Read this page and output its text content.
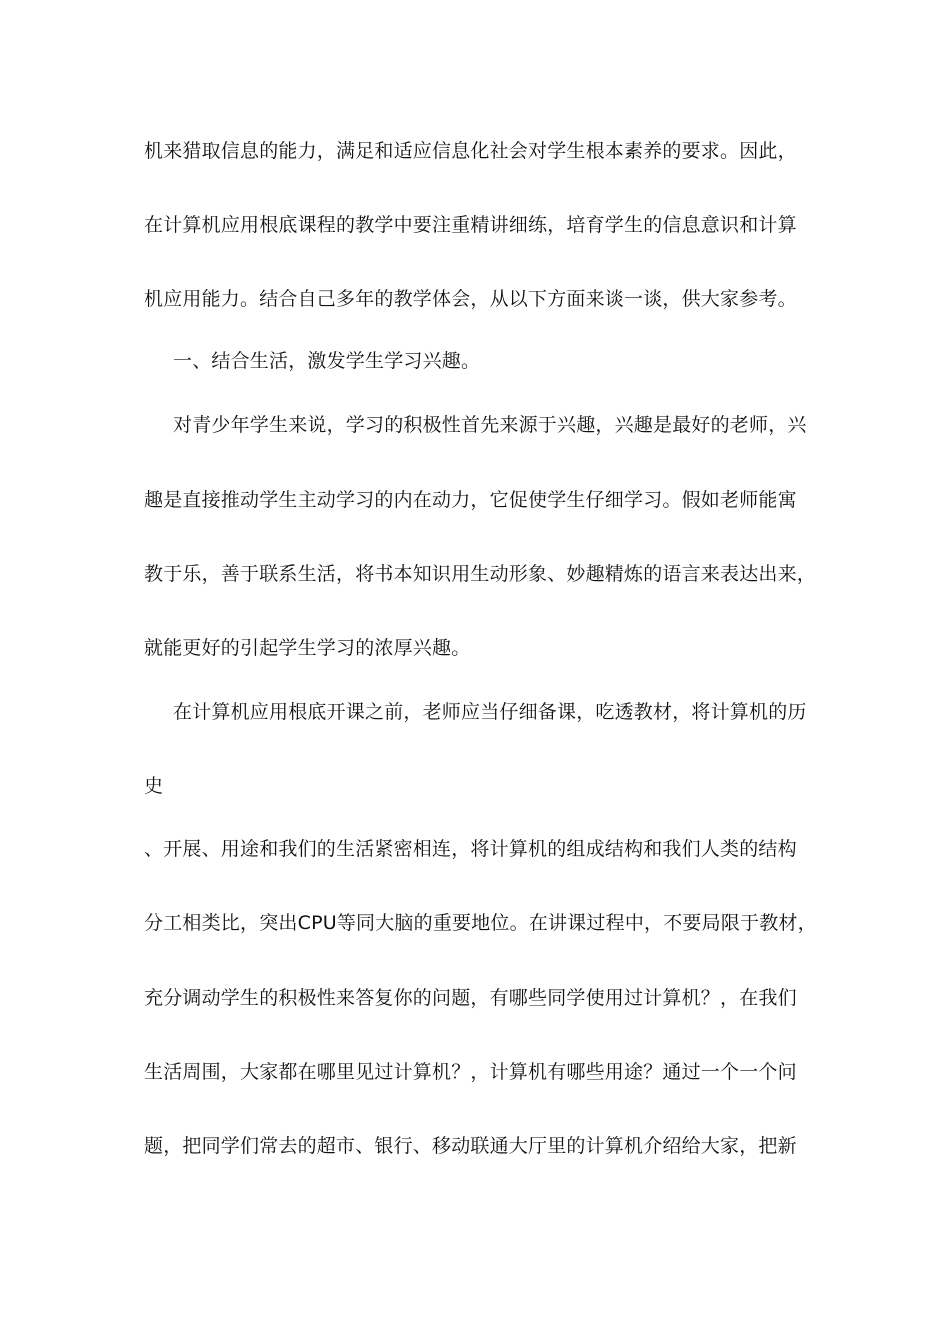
机来猎取信息的能力，满足和适应信息化社会对学生根本素养的要求。因此，
在计算机应用根底课程的教学中要注重精讲细练，培育学生的信息意识和计算
机应用能力。结合自己多年的教学体会，从以下方面来谈一谈，供大家参考。
一、结合生活，激发学生学习兴趣。
对青少年学生来说，学习的积极性首先来源于兴趣，兴趣是最好的老师，兴
趣是直接推动学生主动学习的内在动力，它促使学生仔细学习。假如老师能寓
教于乐，善于联系生活，将书本知识用生动形象、妙趣精炼的语言来表达出来，
就能更好的引起学生学习的浓厚兴趣。
在计算机应用根底开课之前，老师应当仔细备课，吃透教材，将计算机的历
史
、开展、用途和我们的生活紧密相连，将计算机的组成结构和我们人类的结构
分工相类比，突出CPU等同大脑的重要地位。在讲课过程中，不要局限于教材，
充分调动学生的积极性来答复你的问题，有哪些同学使用过计算机？，在我们
生活周围，大家都在哪里见过计算机？，计算机有哪些用途？通过一个一个问
题，把同学们常去的超市、银行、移动联通大厅里的计算机介绍给大家，把新
